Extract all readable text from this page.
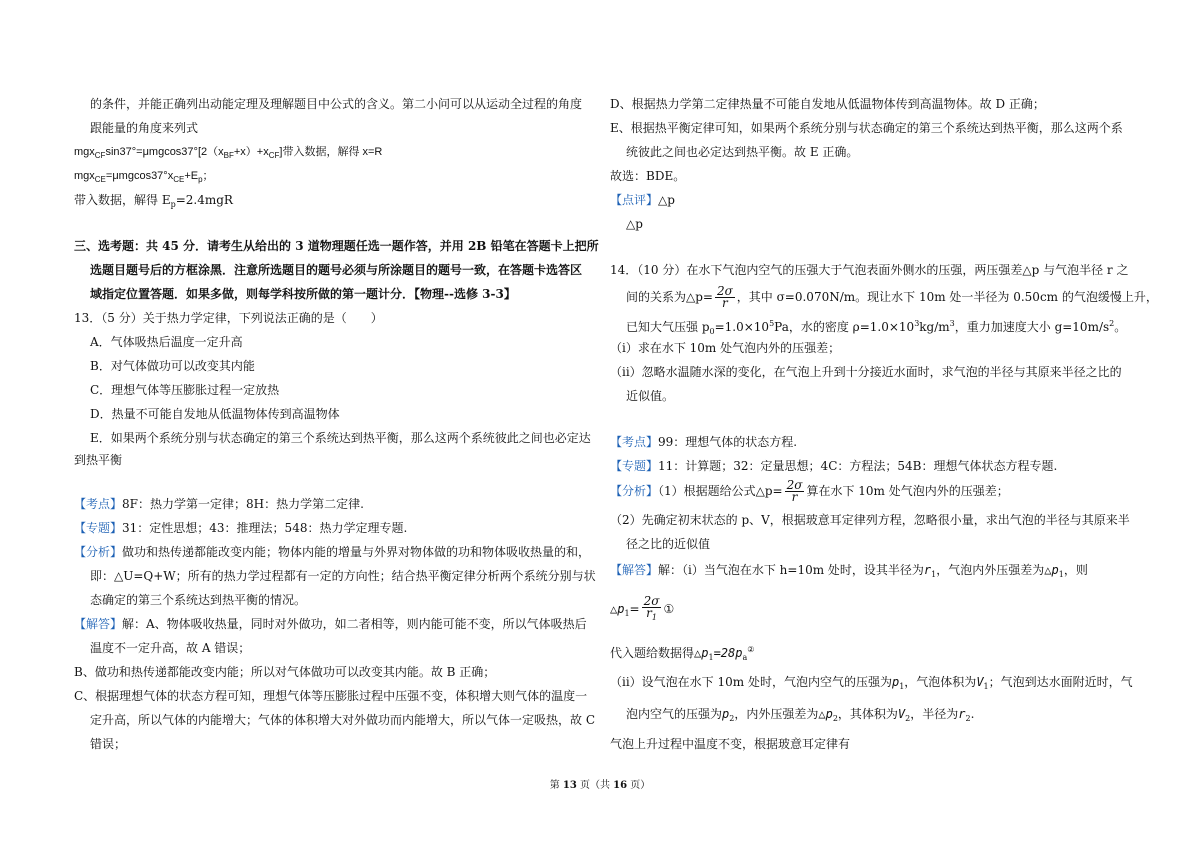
的条件，并能正确列出动能定理及理解题目中公式的含义。第二小问可以从运动全过程的角度
跟能量的角度来列式
$mgx_{CF}\sin 37^\circ=\mu mgcos37^\circ[2(x_{BF}+x)+x_{CF}]$带入数据，解得 x=R
$mgx_{CE}=\mu mgcos37^\circ x_{CE}+E_p$；
带入数据，解得 $E_p=2.4mgR$
三、选考题：共 45 分．请考生从给出的 3 道物理题任选一题作答，并用 2B 铅笔在答题卡上把所
选题目题号后的方框涂黑．注意所选题目的题号必须与所涂题目的题号一致，在答题卡选答区
域指定位置答题．如果多做，则每学科按所做的第一题计分．【物理--选修 3-3】
13．（5 分）关于热力学定律，下列说法正确的是（　　）
A．气体吸热后温度一定升高
B．对气体做功可以改变其内能
C．理想气体等压膨胀过程一定放热
D．热量不可能自发地从低温物体传到高温物体
E．如果两个系统分别与状态确定的第三个系统达到热平衡，那么这两个系统彼此之间也必定达
到热平衡
【考点】8F：热力学第一定律；8H：热力学第二定律.
【专题】31：定性思想；43：推理法；548：热力学定理专题.
【分析】做功和热传递都能改变内能；物体内能的增量与外界对物体做的功和物体吸收热量的和，
即：△U=Q+W；所有的热力学过程都有一定的方向性；结合热平衡定律分析两个系统分别与状
态确定的第三个系统达到热平衡的情况。
【解答】解：A、物体吸收热量，同时对外做功，如二者相等，则内能可能不变，所以气体吸热后
温度不一定升高，故 A 错误；
B、做功和热传递都能改变内能；所以对气体做功可以改变其内能。故 B 正确；
C、根据理想气体的状态方程可知，理想气体等压膨胀过程中压强不变，体积增大则气体的温度一
定升高，所以气体的内能增大；气体的体积增大对外做功而内能增大，所以气体一定吸热，故 C
错误；
D、根据热力学第二定律热量不可能自发地从低温物体传到高温物体。故 D 正确；
E、根据热平衡定律可知，如果两个系统分别与状态确定的第三个系统达到热平衡，那么这两个系
统彼此之间也必定达到热平衡。故 E 正确。
故选：BDE。
【点评】△p
△p
14．（10 分）在水下气泡内空气的压强大于气泡表面外侧水的压强，两压强差△p 与气泡半径 r 之
间的关系为△p= $\frac{2\sigma}{r}$ ，其中 σ=0.070N/m。现让水下 10m 处一半径为 0.50cm 的气泡缓慢上升，
已知大气压强 $p_0=1.0\times 10^5Pa$，水的密度 $\rho=1.0\times 10^3kg/m^3$，重力加速度大小 $g=10m/s^2$。
（i）求在水下 10m 处气泡内外的压强差；
（ii）忽略水温随水深的变化，在气泡上升到十分接近水面时，求气泡的半径与其原来半径之比的
近似值。
【考点】99：理想气体的状态方程.
【专题】11：计算题；32：定量思想；4C：方程法；54B：理想气体状态方程专题.
【分析】（1）根据题给公式△p= $\frac{2\sigma}{r}$ 算在水下 10m 处气泡内外的压强差；
（2）先确定初末状态的 p、V，根据玻意耳定律列方程，忽略很小量，求出气泡的半径与其原来半
径之比的近似值
【解答】解：（i）当气泡在水下 h=10m 处时，设其半径为$r_1$，气泡内外压强差为$\triangle p_1$，则
$\triangle p_1= \frac{2\sigma}{r_1}$ ①
代入题给数据得$\triangle p_1=28p_a^②$
（ii）设气泡在水下 10m 处时，气泡内空气的压强为$p_1$，气泡体积为$V_1$；气泡到达水面附近时，气
泡内空气的压强为$p_2$，内外压强差为$\triangle p_2$，其体积为$V_2$，半径为$r_2$.
气泡上升过程中温度不变，根据玻意耳定律有
第 13 页（共 16 页）
